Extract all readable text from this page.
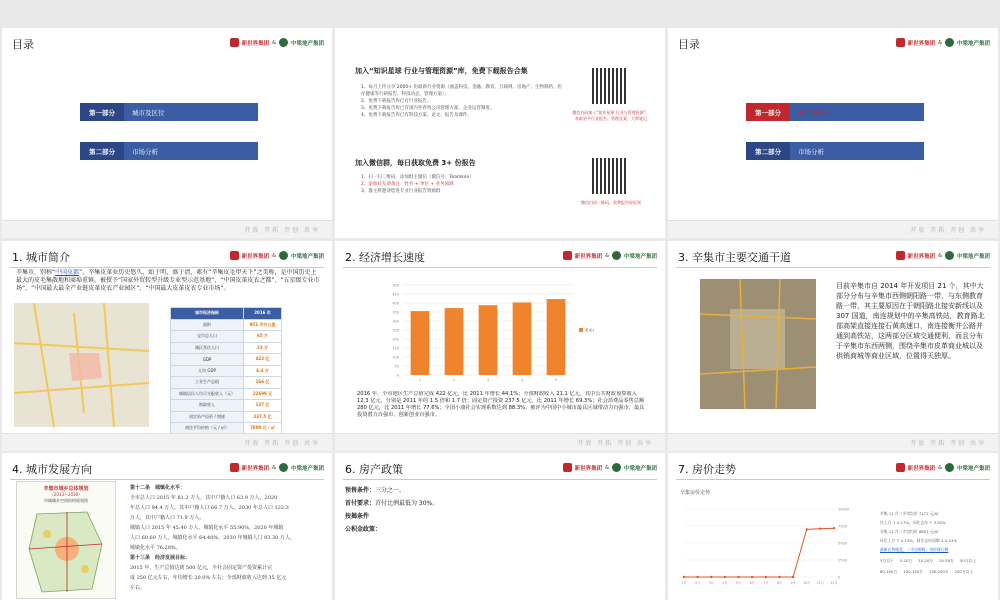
目录	新世界集团 &	中梁地产集团
第一部分	城市及区位
第二部分	市场分析
开放 开拓 开创 共享
加入“知识星球 行业与管理资源”库，免费下载报告合集
1、每月上传分享 2000+ 份最新行业资源（涵盖科技、金融、教育、互联网、房地产、生物制药、医疗健康等行研报告、科技动态、管理方案）；
2、免费下载报告库已有行业报告。
3、免费下载报告库已有国内外咨询公司管理方案，企业运营制度。
4、免费下载报告库已有科技方案、论文、报告及课件。
微信扫码加入“知识星球 行业与管理资源”，获取更多行业报告、管理文案、大师笔记
加入微信群，每日获取免费 3+ 份报告
1、扫一扫二维码，添加群主微信（微信号：Teamkon）
2、添加好友请备注：姓名 + 单位 + 业务领域
3、群主将邀请您进专业行业报告资源群
微信扫码二维码，免费报告轻松领
目录	新世界集团 &	中梁地产集团
第一部分	城市及区位
第二部分	市场分析
开放 开拓 开创 共享
1. 城市简介	新世界集团 &	中梁地产集团
辛集市，别称“中国皮都”。辛集皮革业历史悠久，始于明，盛于清，素有“辛集皮毛甲天下”之美称，是中国历史上最大的皮毛集散地和商埠重镇。被授予“国家外贸转型升级专业型示范基地”、“中国皮革皮衣之都”、“五星级专业市场”、“中国最大最全产业链皮革皮衣产业园区”、“中国最大皮革皮衣专业市场”。
城市经济指标	2016 年
面积	951 平方公里
宝市总人口	65 万
城区常住人口	23 万
GDP	422 亿
人均 GDP	6.4 万
工业生产总值	166 亿
城镇居民人均可支配收入（元）	22699 元
财政收入	137 亿
固定资产投资 / 增速	237.5 亿
商住平均价格（元 / ㎡）	7800 元 / ㎡
开放 开拓 开创 共享
2. 经济增长速度	新世界集团 &	中梁地产集团
0
50
100
150
200
250
300
350
400
450
500
1	2	3	4	5
系列1
2016 年，全市地区生产总值完成 422 亿元，比 2011 年增长 44.1%；全部财政收入 21.1 亿元，其中公共财政预算收入 12.3 亿元，分别是 2011 年的 1.5 倍和 1.7 倍；固定资产投资 237.5 亿元，比 2011 年增长 69.3%；社会消费品零售总额 280 亿元，比 2011 年增长 77.6%；全国小康社会实现系数达到 88.3%。被评为中国中小城市最具区域带动力百强市、最具投资潜力百强市、创新创业百强市。
开放 开拓 开创 共享
3. 辛集市主要交通干道	新世界集团 &	中梁地产集团
目前辛集市自 2014 年开发项目 21 个，其中大部分分布与辛集市西侧朝阳路一带，与东侧教育路一带，其主要原因在于朝阳路北接安新线以及 307 国道，南连规划中的辛集高铁站，教育路北部高架直接连接石黄高速口，南连接衡井公路并通到高铁站，这两部分区域交通便利，而且分布于辛集市东西两侧，围绕辛集市皮革商业城以及供销商城等商业区域，位置得天独厚。
开放 开拓 开创 共享
4. 城市发展方向	新世界集团 &	中梁地产集团
辛集市城乡总体规划
（2013—2030）
市域城乡空间结构规划图
第十二条　城镇化水平：
全市总人口 2015 年 81.2 万人，其中户籍人口 63.9 万人，2020
年总人口 94.4 万人，其中户籍人口 66.7 万人，2030 年总人口 122.3
万人，其中户籍人口 71.9 万人。
城镇人口 2015 年 45.40 万人，城镇化水平 55.90%，2020 年城镇
人口 60.60 万人，城镇化水平 64.40%，2030 年城镇人口 93.30 万人，
城镇化水平 76.28%。
第十三条　经济发展目标：
2015 年，生产总值达到 500 亿元，全社会固定资产投资累计完
成 350 亿元左右，年均增长 20.0% 左右；全部财政收入达到 35 亿元
左右。
6. 房产政策	新世界集团 &	中梁地产集团
预售条件：三分之一。
首付要求：首付比例最低为 30%。
按揭条件
公积金政策：
7. 房价走势	新世界集团 &	中梁地产集团
辛集房价走势
0
2500
5000
7500
10000
1月	2月	3月	4月	5月	6月	7月	8月	9月 10月 11月 12月
辛集 11 月二手房均价 7171 元/㎡
比上月 ↑ 0.17%，同比去年 ↑ 3.50%
辛集 11 月二手房均价 8897 元/㎡
环比上月 ↑ 0.13%，同比去年同期 ↓ 0.14%
最新在售楼盘，二手房源数，房价排行榜
5万以下 5-10万 10-20万 20-50万 50万以上
80-100万 100-150万 150-200万 200万以上
